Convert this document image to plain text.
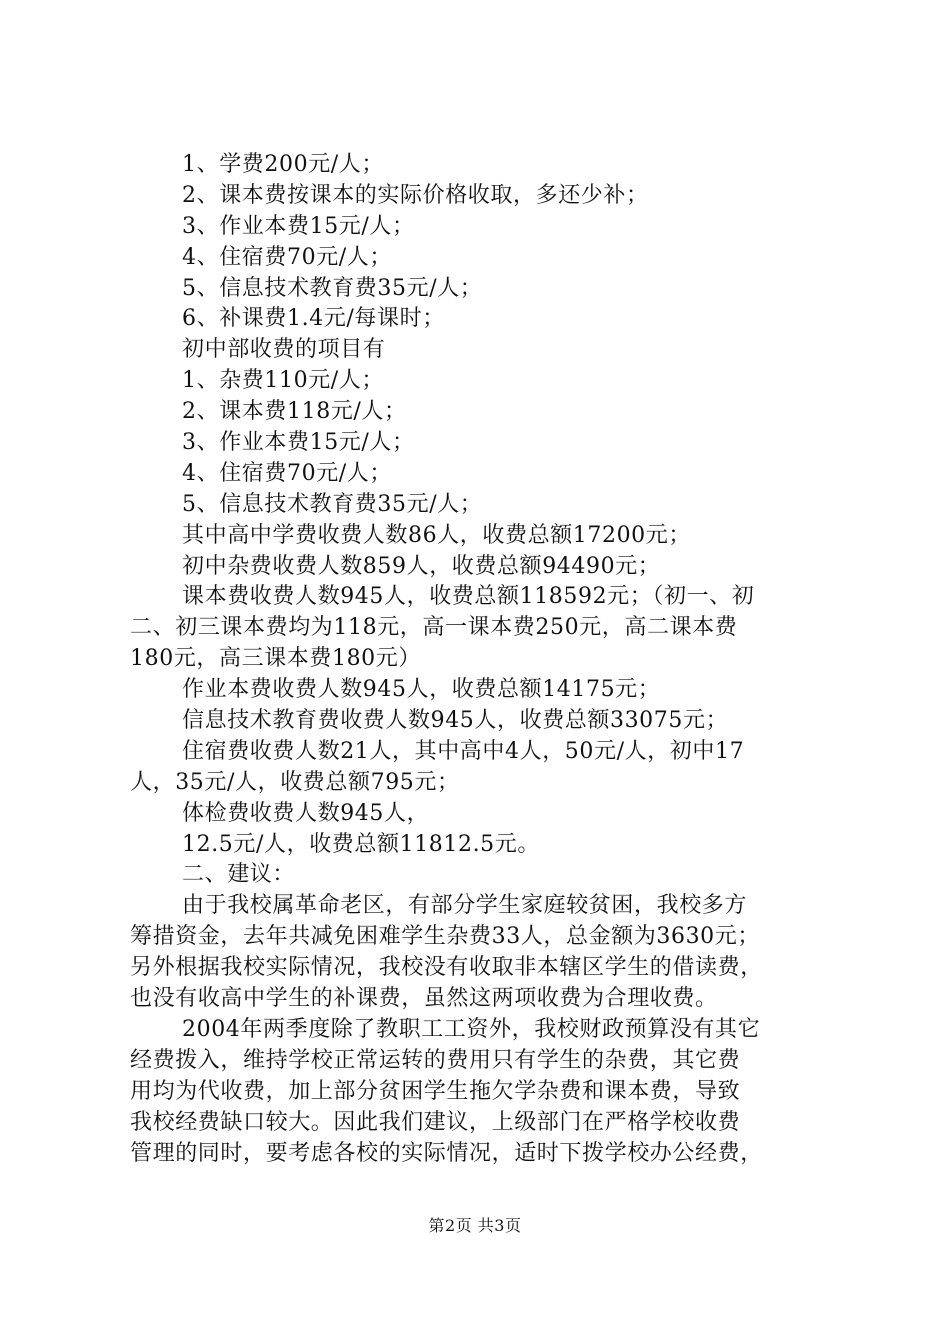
1、学费200元/人；
2、课本费按课本的实际价格收取，多还少补；
3、作业本费15元/人；
4、住宿费70元/人；
5、信息技术教育费35元/人；
6、补课费1.4元/每课时；
初中部收费的项目有
1、杂费110元/人；
2、课本费118元/人；
3、作业本费15元/人；
4、住宿费70元/人；
5、信息技术教育费35元/人；
其中高中学费收费人数86人，收费总额17200元；
初中杂费收费人数859人，收费总额94490元；
课本费收费人数945人，收费总额118592元；（初一、初
二、初三课本费均为118元，高一课本费250元，高二课本费
180元，高三课本费180元）
作业本费收费人数945人，收费总额14175元；
信息技术教育费收费人数945人，收费总额33075元；
住宿费收费人数21人，其中高中4人，50元/人，初中17
人，35元/人，收费总额795元；
体检费收费人数945人，
12.5元/人，收费总额11812.5元。
二、建议：
由于我校属革命老区，有部分学生家庭较贫困，我校多方
筹措资金，去年共减免困难学生杂费33人，总金额为3630元；
另外根据我校实际情况，我校没有收取非本辖区学生的借读费，
也没有收高中学生的补课费，虽然这两项收费为合理收费。
2004年两季度除了教职工工资外，我校财政预算没有其它
经费拨入，维持学校正常运转的费用只有学生的杂费，其它费
用均为代收费，加上部分贫困学生拖欠学杂费和课本费，导致
我校经费缺口较大。因此我们建议，上级部门在严格学校收费
管理的同时，要考虑各校的实际情况，适时下拨学校办公经费，
第2页 共3页
